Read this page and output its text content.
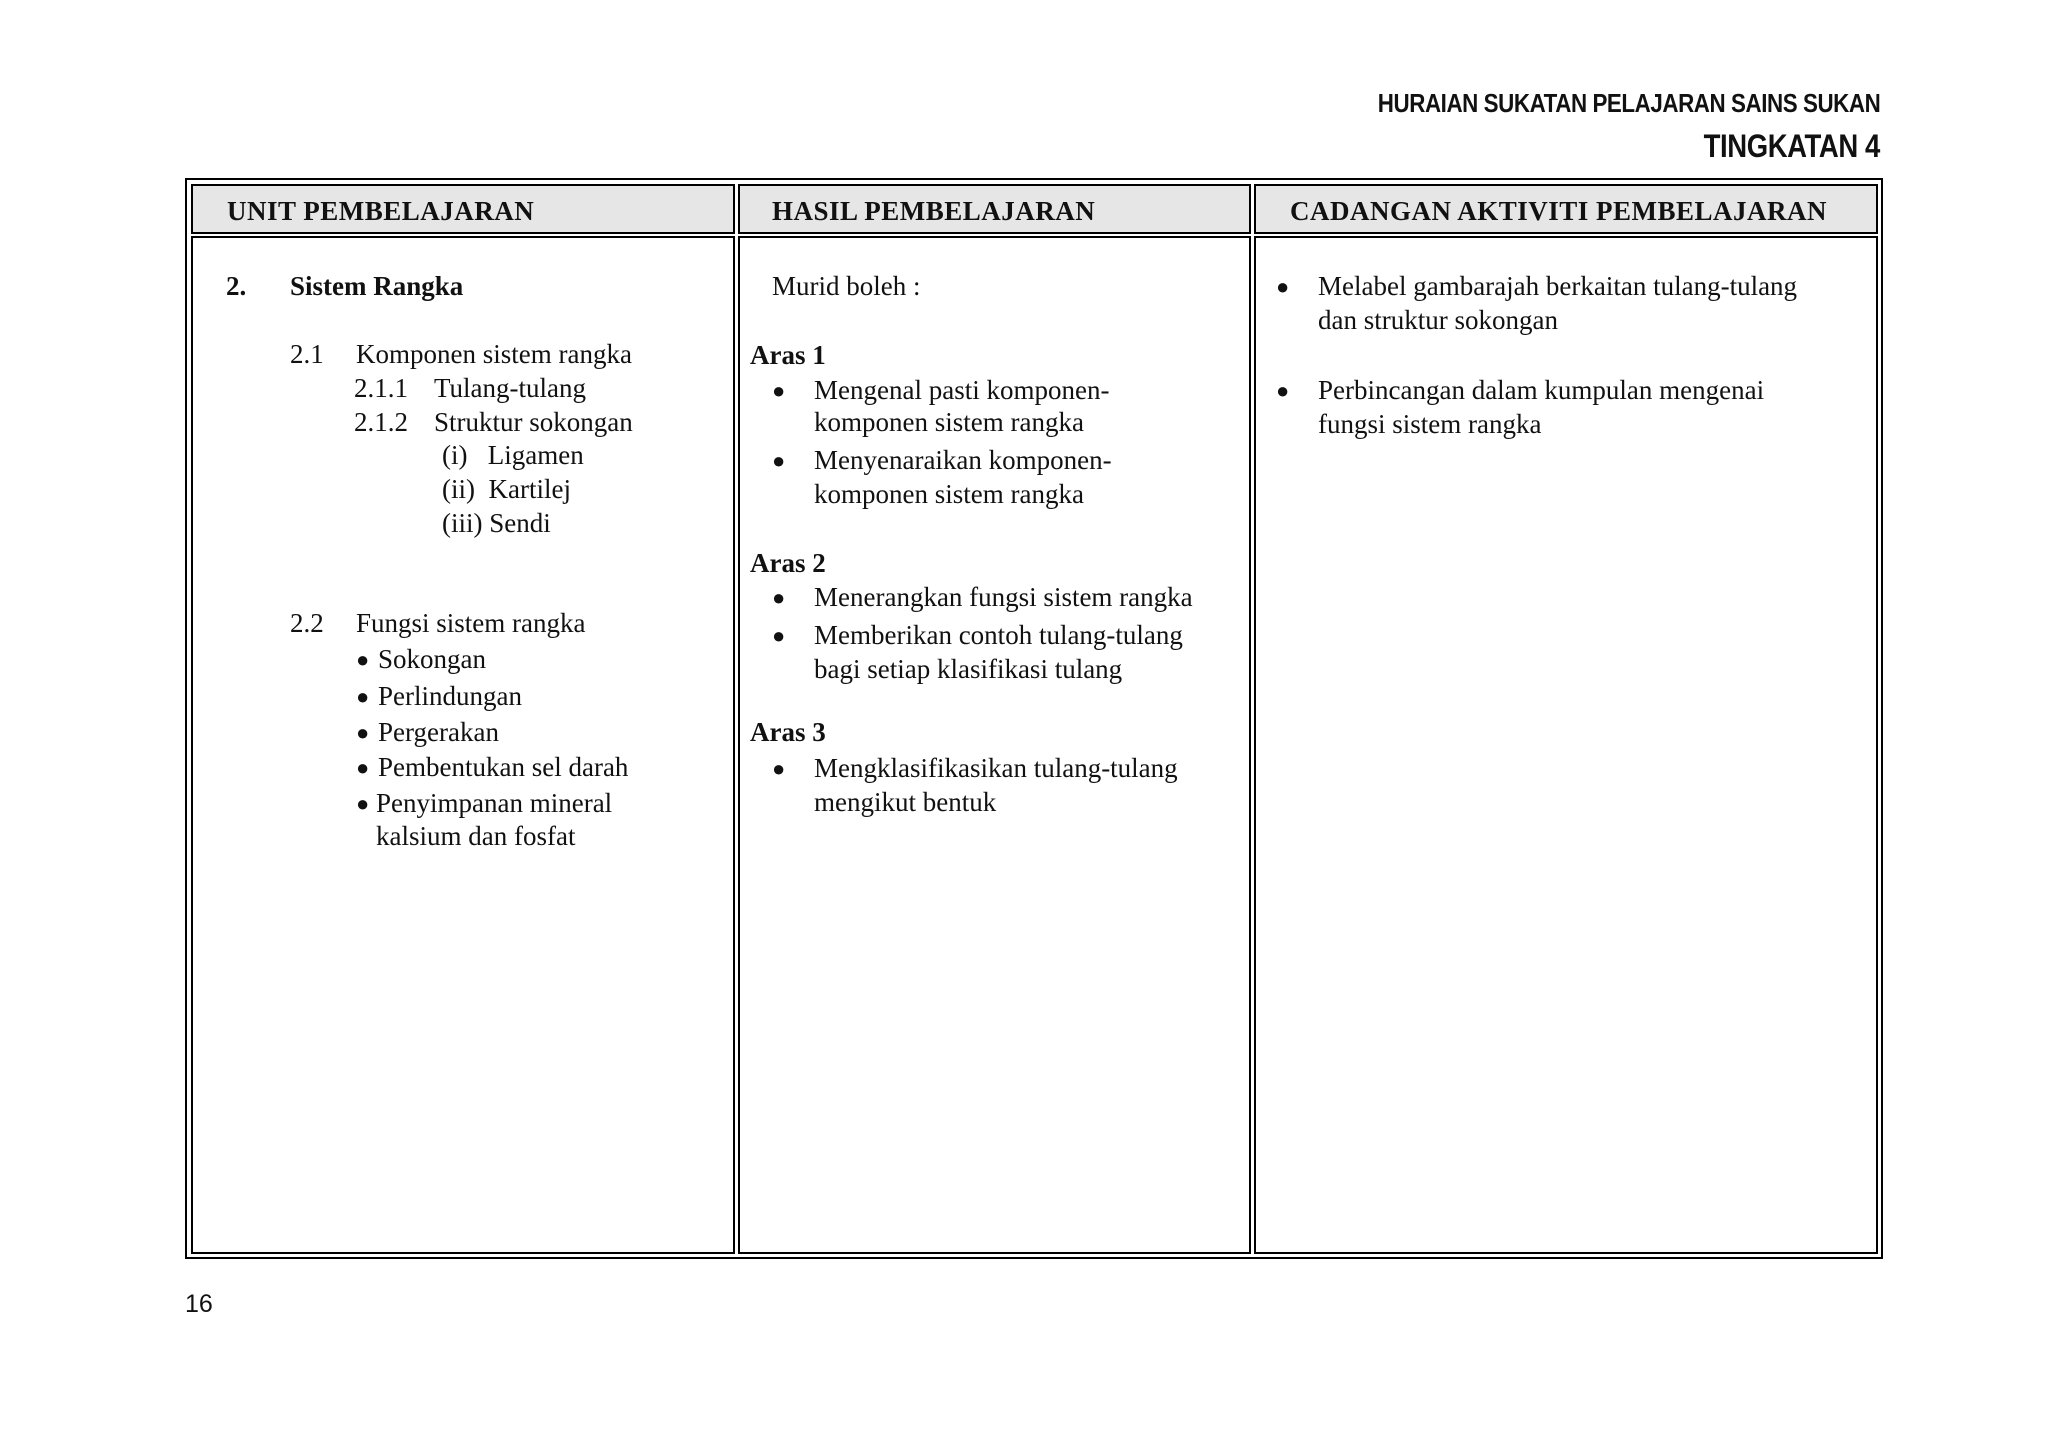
HURAIAN SUKATAN PELAJARAN SAINS SUKAN
TINGKATAN 4
UNIT PEMBELAJARAN	HASIL PEMBELAJARAN	CADANGAN AKTIVITI PEMBELAJARAN
2. Sistem Rangka
2.1 Komponen sistem rangka
2.1.1 Tulang-tulang
2.1.2 Struktur sokongan
(i)   Ligamen
(ii)  Kartilej
(iii) Sendi
2.2 Fungsi sistem rangka
● Sokongan
● Perlindungan
● Pergerakan
● Pembentukan sel darah
● Penyimpanan mineral
kalsium dan fosfat
Murid boleh :
Aras 1
● Mengenal pasti komponen-
komponen sistem rangka
● Menyenaraikan komponen-
komponen sistem rangka
Aras 2
● Menerangkan fungsi sistem rangka
● Memberikan contoh tulang-tulang
bagi setiap klasifikasi tulang
Aras 3
● Mengklasifikasikan tulang-tulang
mengikut bentuk
● Melabel gambarajah berkaitan tulang-tulang
dan struktur sokongan
● Perbincangan dalam kumpulan mengenai
fungsi sistem rangka
16
